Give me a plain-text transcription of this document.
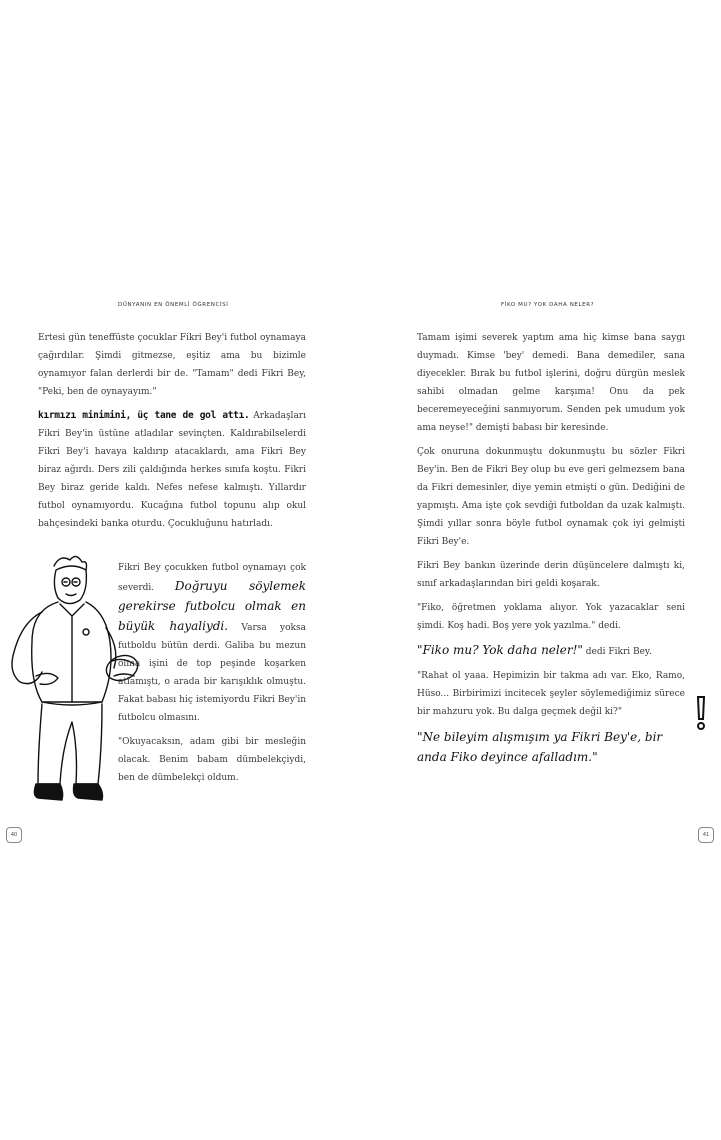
DÜNYANIN EN ÖNEMLİ ÖĞRENCİSİ

Ertesi gün teneffüste çocuklar Fikri Bey'i futbol oynamaya çağırdılar. Şimdi gitmezse, eşitiz ama bu bizimle oynamıyor falan derlerdi bir de. "Tamam" dedi Fikri Bey, "Peki, ben de oynayayım."

kırmızı minimini, üç tane de gol attı. Arkadaşları Fikri Bey'in üstüne atladılar sevinçten. Kaldırabilselerdi Fikri Bey'i havaya kaldırıp atacaklardı, ama Fikri Bey biraz ağırdı. Ders zili çaldığında herkes sınıfa koştu. Fikri Bey biraz geride kaldı. Nefes nefese kalmıştı. Yıllardır futbol oynamıyordu. Kucağına futbol topunu alıp okul bahçesindeki banka oturdu. Çocukluğunu hatırladı.

Fikri Bey çocukken futbol oynamayı çok severdi. Doğruyu söylemek gerekirse futbolcu olmak en büyük hayaliydi. Varsa yoksa futboldu bütün derdi. Galiba bu mezun olma işini de top peşinde koşarken atlamıştı, o arada bir karışıklık olmuştu. Fakat babası hiç istemiyordu Fikri Bey'in futbolcu olmasını.

"Okuyacaksın, adam gibi bir mesleğin olacak. Benim babam dümbelekçiydi, ben de dümbelekçi oldum.

40
FİKO MU? YOK DAHA NELER?

Tamam işimi severek yaptım ama hiç kimse bana saygı duymadı. Kimse 'bey' demedi. Bana demediler, sana diyecekler. Bırak bu futbol işlerini, doğru dürgün meslek sahibi olmadan gelme karşıma! Onu da pek beceremeyeceğini sanmıyorum. Senden pek umudum yok ama neyse!" demişti babası bir keresinde.

Çok onuruna dokunmuştu dokunmuştu bu sözler Fikri Bey'in. Ben de Fikri Bey olup bu eve geri gelmezsem bana da Fikri demesinler, diye yemin etmişti o gün. Dediğini de yapmıştı. Ama işte çok sevdiği futboldan da uzak kalmıştı. Şimdi yıllar sonra böyle futbol oynamak çok iyi gelmişti Fikri Bey'e.

Fikri Bey bankın üzerinde derin düşüncelere dalmıştı ki, sınıf arkadaşlarından biri geldi koşarak.

"Fiko, öğretmen yoklama alıyor. Yok yazacaklar seni şimdi. Koş hadi. Boş yere yok yazılma." dedi.

"Fiko mu? Yok daha neler!" dedi Fikri Bey.

"Rahat ol yaaa. Hepimizin bir takma adı var. Eko, Ramo, Hüso... Birbirimizi incitecek şeyler söylemediğimiz sürece bir mahzuru yok. Bu dalga geçmek değil ki?"

"Ne bileyim alışmışım ya Fikri Bey'e, bir anda Fiko deyince afalladım."

41
